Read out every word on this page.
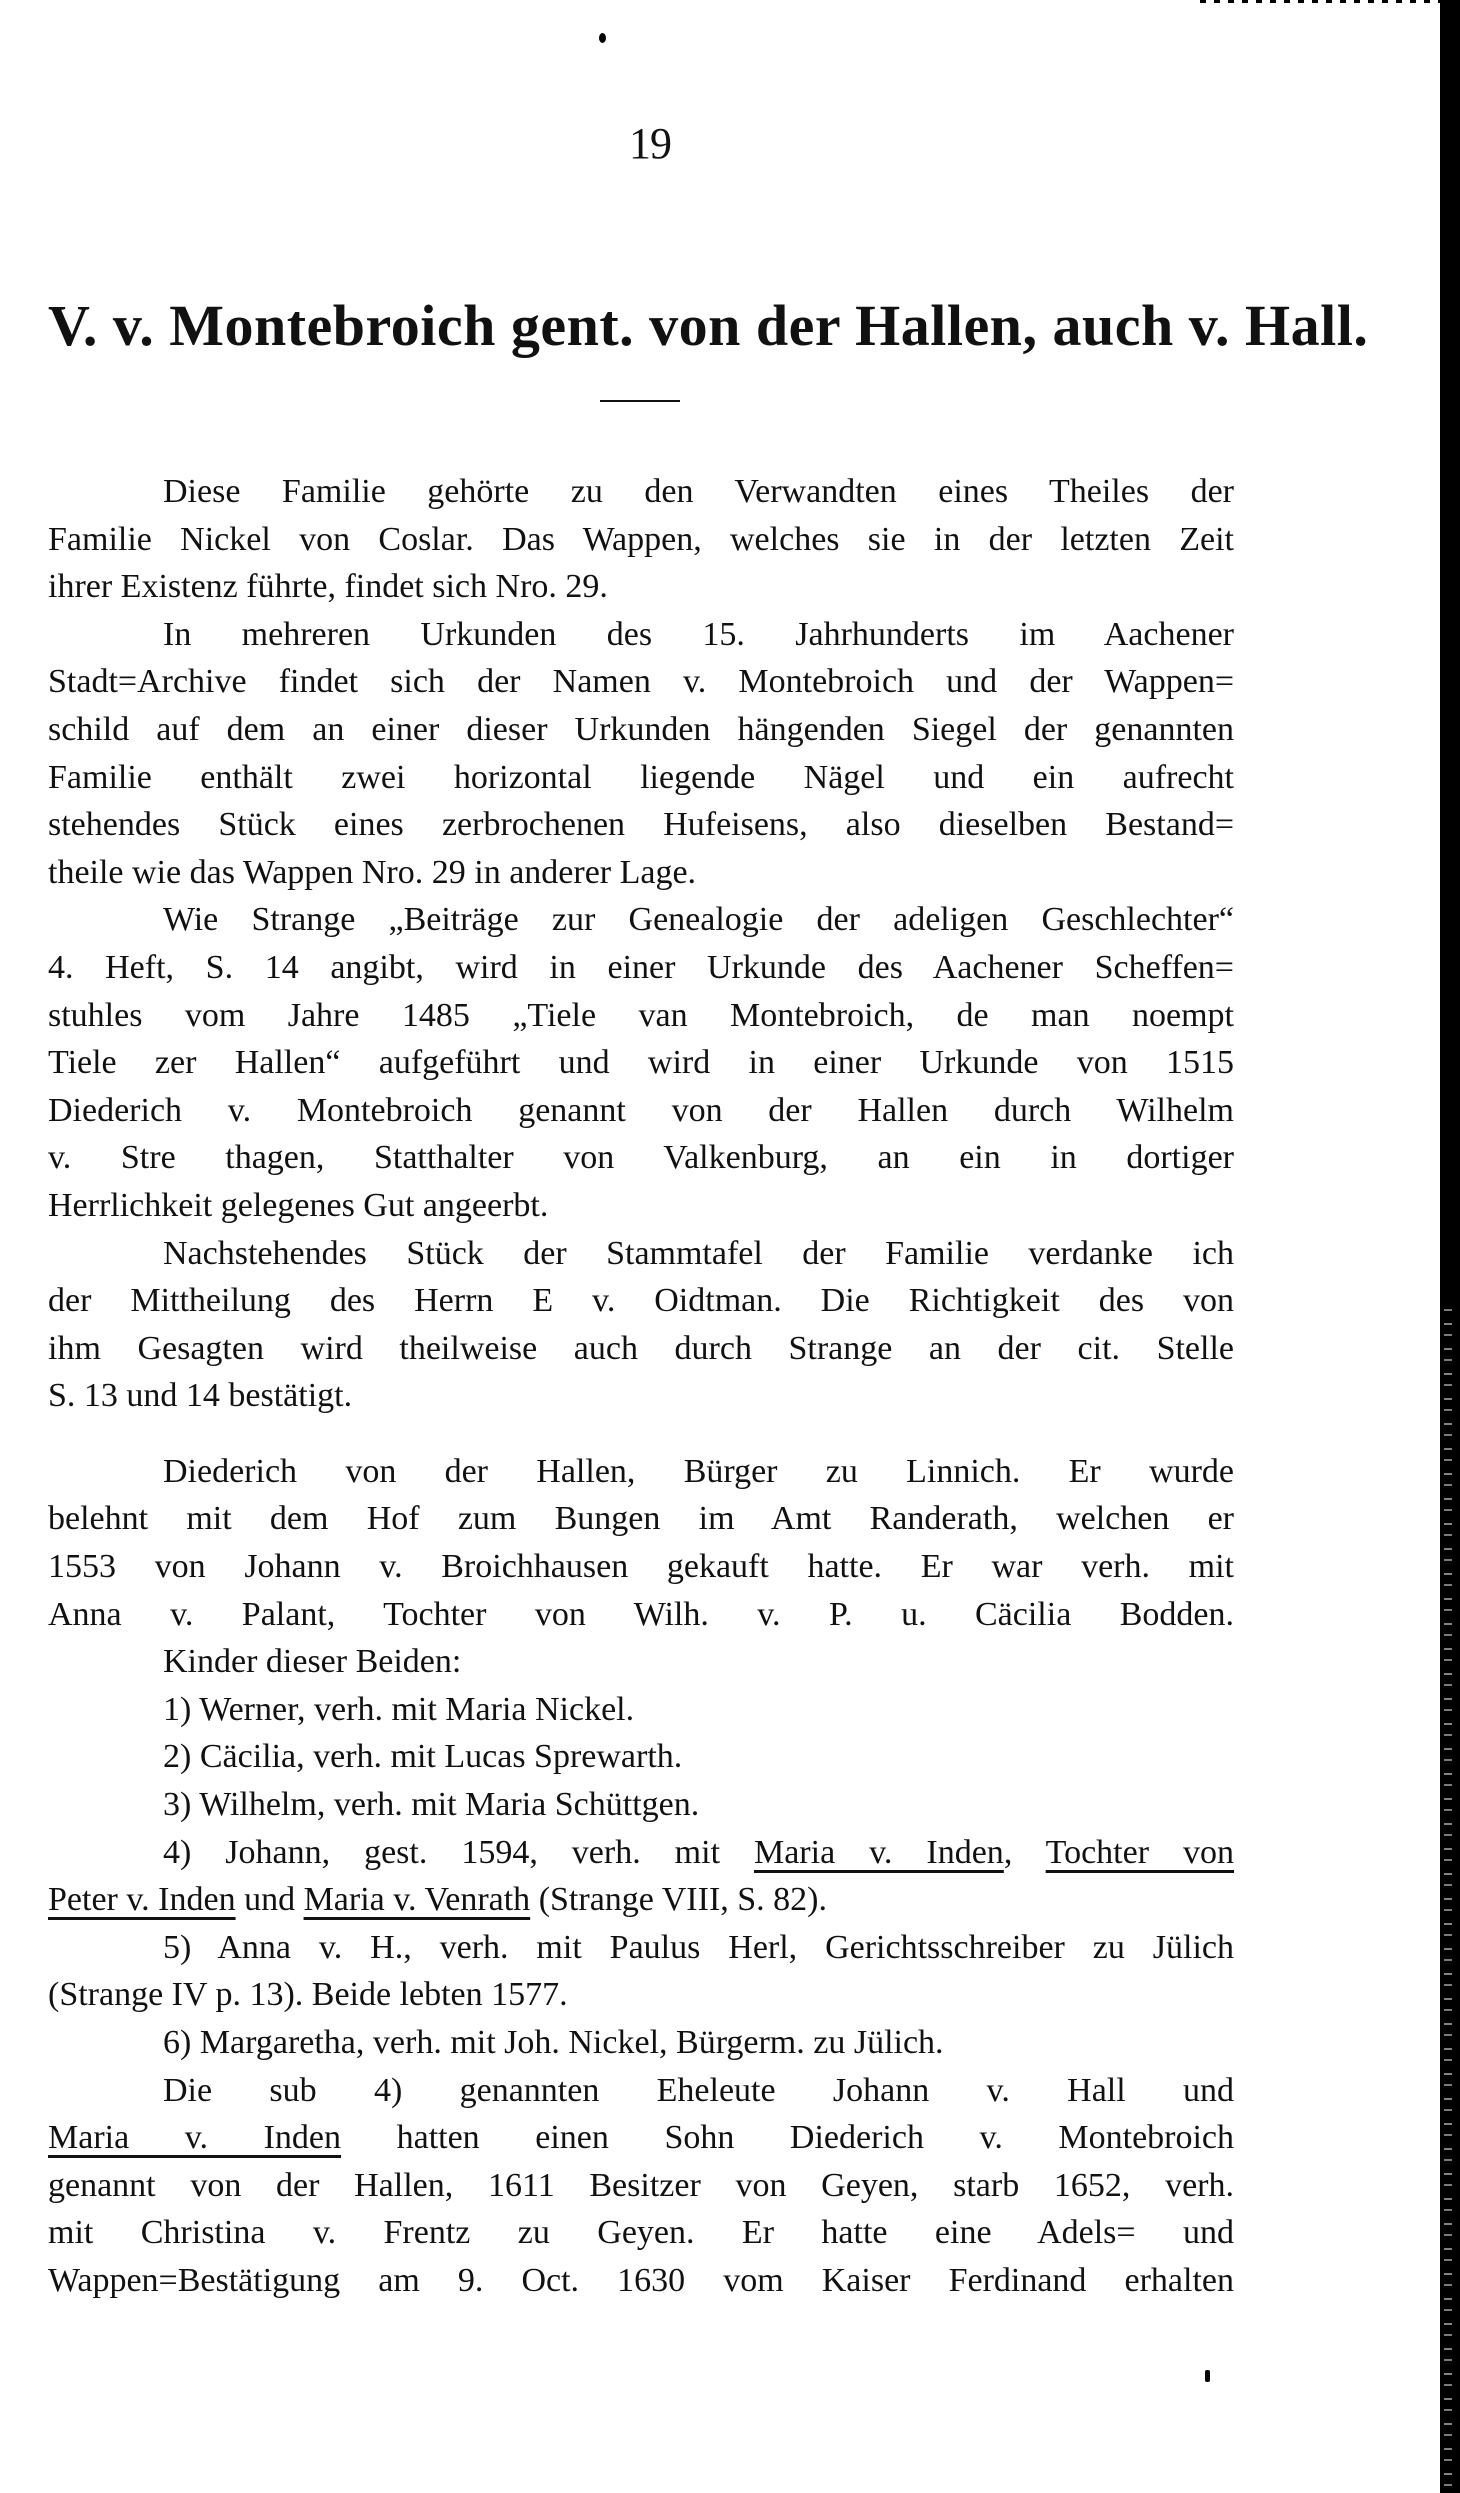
19
V. v. Montebroich gent. von der Hallen, auch v. Hall.
Diese Familie gehörte zu den Verwandten eines Theiles der
Familie Nickel von Coslar. Das Wappen, welches sie in der letzten Zeit
ihrer Existenz führte, findet sich Nro. 29.
In mehreren Urkunden des 15. Jahrhunderts im Aachener
Stadt=Archive findet sich der Namen v. Montebroich und der Wappen=
schild auf dem an einer dieser Urkunden hängenden Siegel der genannten
Familie enthält zwei horizontal liegende Nägel und ein aufrecht
stehendes Stück eines zerbrochenen Hufeisens, also dieselben Bestand=
theile wie das Wappen Nro. 29 in anderer Lage.
Wie Strange „Beiträge zur Genealogie der adeligen Geschlechter“
4. Heft, S. 14 angibt, wird in einer Urkunde des Aachener Scheffen=
stuhles vom Jahre 1485 „Tiele van Montebroich, de man noempt
Tiele zer Hallen“ aufgeführt und wird in einer Urkunde von 1515
Diederich v. Montebroich genannt von der Hallen durch Wilhelm
v. Stre thagen, Statthalter von Valkenburg, an ein in dortiger
Herrlichkeit gelegenes Gut angeerbt.
Nachstehendes Stück der Stammtafel der Familie verdanke ich
der Mittheilung des Herrn E v. Oidtman. Die Richtigkeit des von
ihm Gesagten wird theilweise auch durch Strange an der cit. Stelle
S. 13 und 14 bestätigt.
Diederich von der Hallen, Bürger zu Linnich. Er wurde
belehnt mit dem Hof zum Bungen im Amt Randerath, welchen er
1553 von Johann v. Broichhausen gekauft hatte. Er war verh. mit
Anna v. Palant, Tochter von Wilh. v. P. u. Cäcilia Bodden.
Kinder dieser Beiden:
1) Werner, verh. mit Maria Nickel.
2) Cäcilia, verh. mit Lucas Sprewarth.
3) Wilhelm, verh. mit Maria Schüttgen.
4) Johann, gest. 1594, verh. mit Maria v. Inden, Tochter von
Peter v. Inden und Maria v. Venrath (Strange VIII, S. 82).
5) Anna v. H., verh. mit Paulus Herl, Gerichtsschreiber zu Jülich
(Strange IV p. 13). Beide lebten 1577.
6) Margaretha, verh. mit Joh. Nickel, Bürgerm. zu Jülich.
Die sub 4) genannten Eheleute Johann v. Hall und
Maria v. Inden hatten einen Sohn Diederich v. Montebroich
genannt von der Hallen, 1611 Besitzer von Geyen, starb 1652, verh.
mit Christina v. Frentz zu Geyen. Er hatte eine Adels= und
Wappen=Bestätigung am 9. Oct. 1630 vom Kaiser Ferdinand erhalten
